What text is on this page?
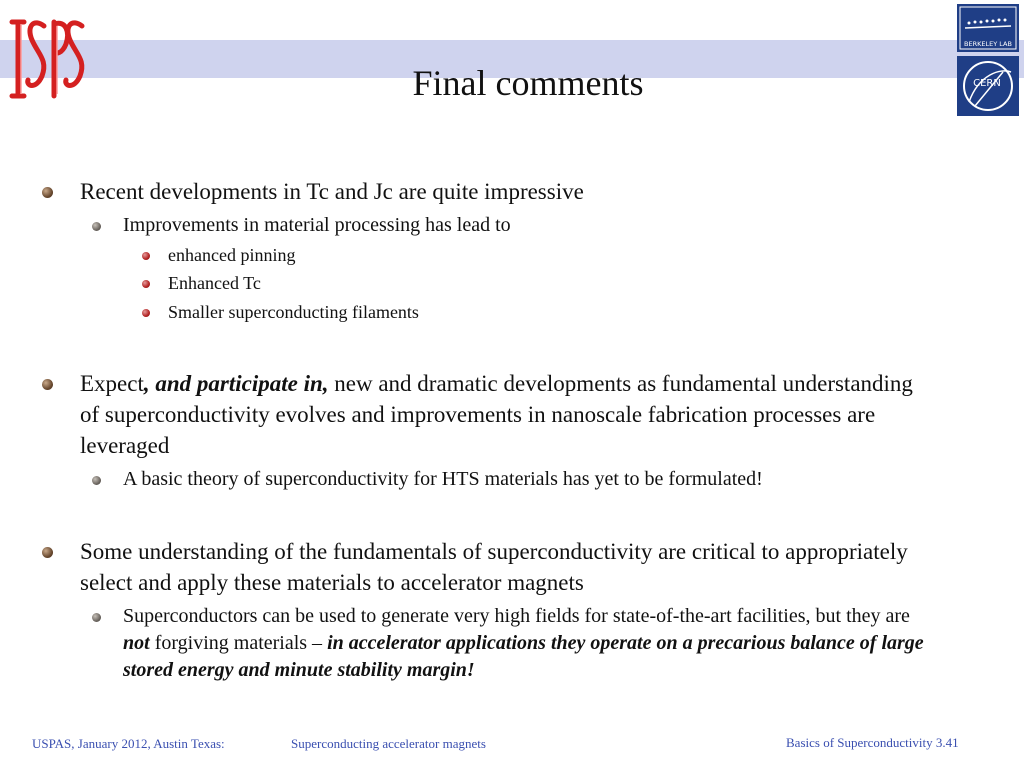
BERKELEY LAB
CERN
Final comments
Recent developments in Tc and Jc are quite impressive
Improvements in material processing has lead to
enhanced pinning
Enhanced Tc
Smaller superconducting filaments
Expect, and participate in, new and dramatic developments as fundamental understanding of superconductivity evolves and improvements in nanoscale fabrication processes are leveraged
A basic theory of superconductivity for HTS materials has yet to be formulated!
Some understanding of the fundamentals of superconductivity are critical to appropriately select and apply these materials to accelerator magnets
Superconductors can be used to generate very high fields for state-of-the-art facilities, but they are not forgiving materials – in accelerator applications they operate on a precarious balance of large stored energy and minute stability margin!
USPAS, January 2012, Austin Texas:	Superconducting accelerator magnets	Basics of Superconductivity 3.41
